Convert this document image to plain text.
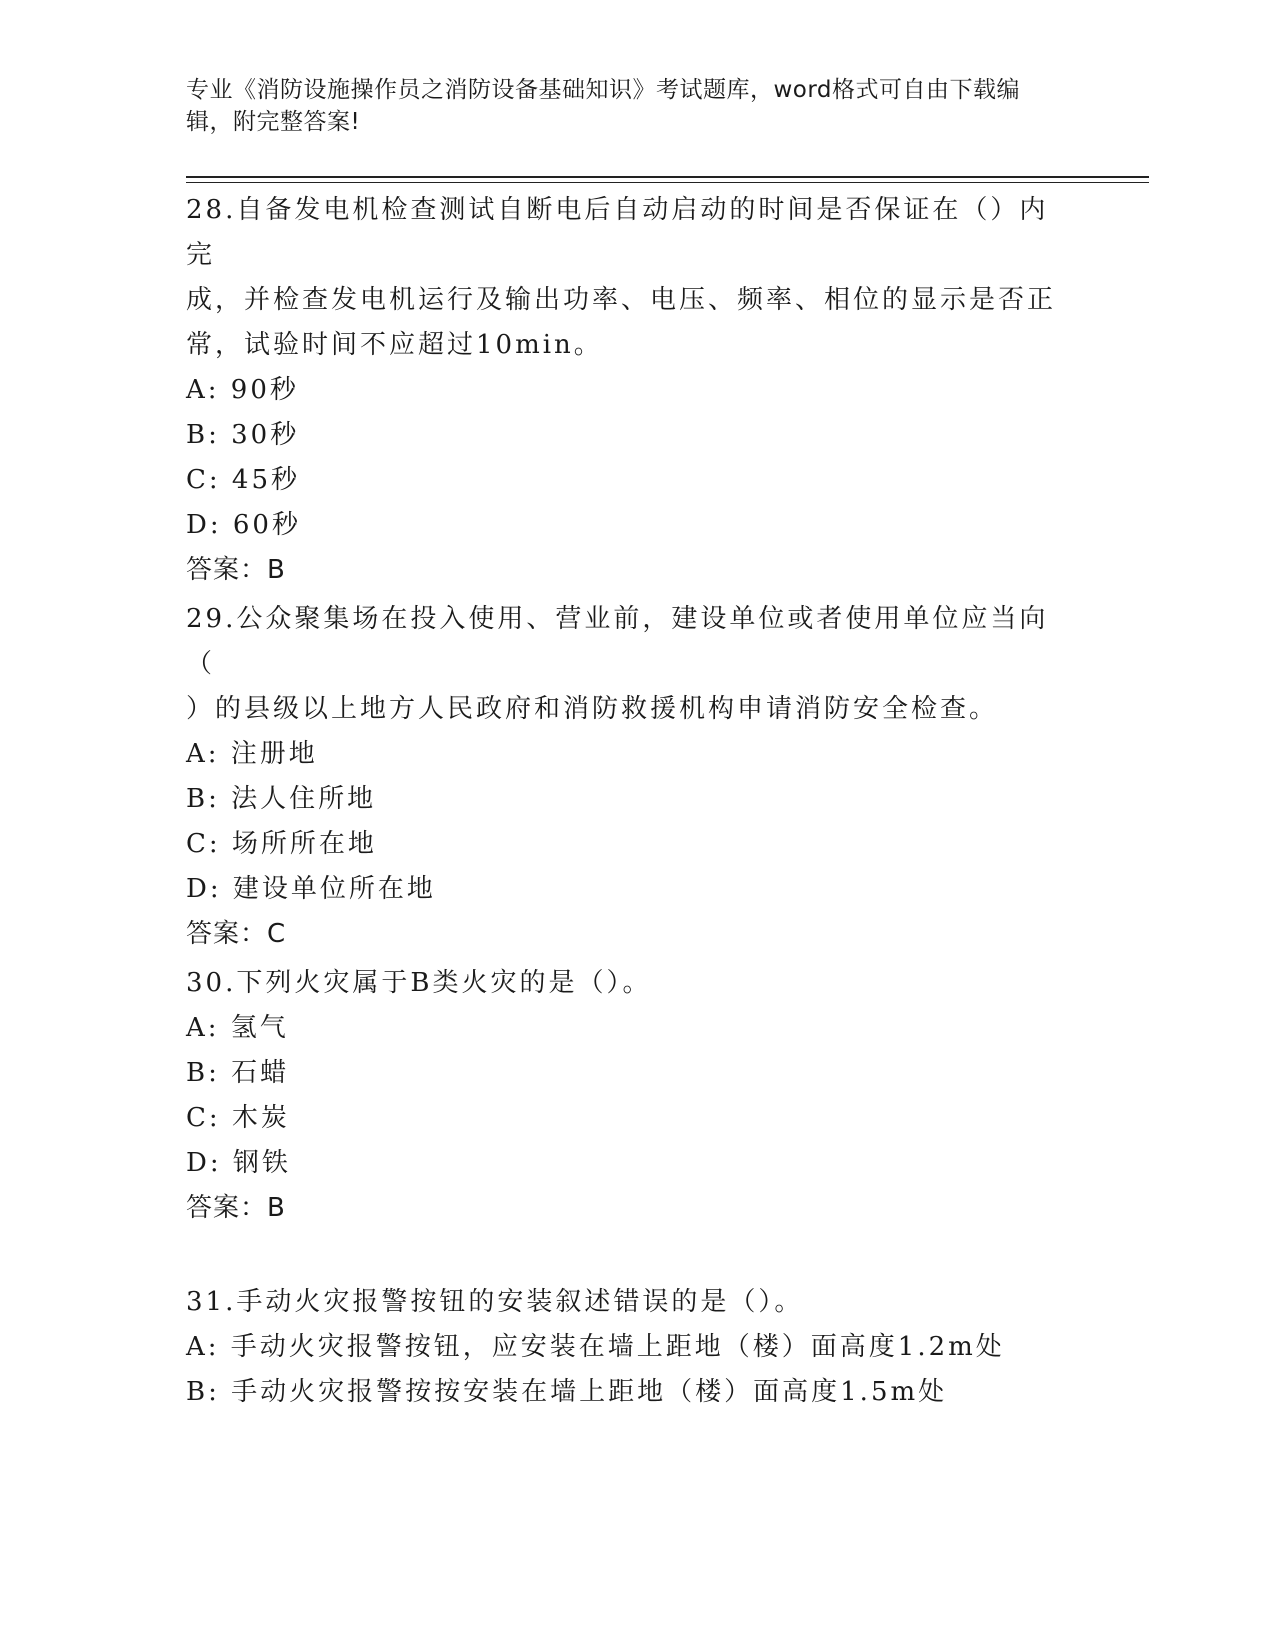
专业《消防设施操作员之消防设备基础知识》考试题库，word格式可自由下载编
辑，附完整答案!

28.自备发电机检查测试自断电后自动启动的时间是否保证在（）内完

成，并检查发电机运行及输出功率、电压、频率、相位的显示是否正

常，试验时间不应超过10min。

A: 90秒

B: 30秒

C: 45秒

D: 60秒

答案：B

29.公众聚集场在投入使用、营业前，建设单位或者使用单位应当向（

）的县级以上地方人民政府和消防救援机构申请消防安全检查。

A: 注册地

B: 法人住所地

C: 场所所在地

D: 建设单位所在地

答案：C

30.下列火灾属于B类火灾的是（）。

A: 氢气

B: 石蜡

C: 木炭

D: 钢铁

答案：B

31.手动火灾报警按钮的安装叙述错误的是（）。

A: 手动火灾报警按钮，应安装在墙上距地（楼）面高度1.2m处

B: 手动火灾报警按按安装在墙上距地（楼）面高度1.5m处
